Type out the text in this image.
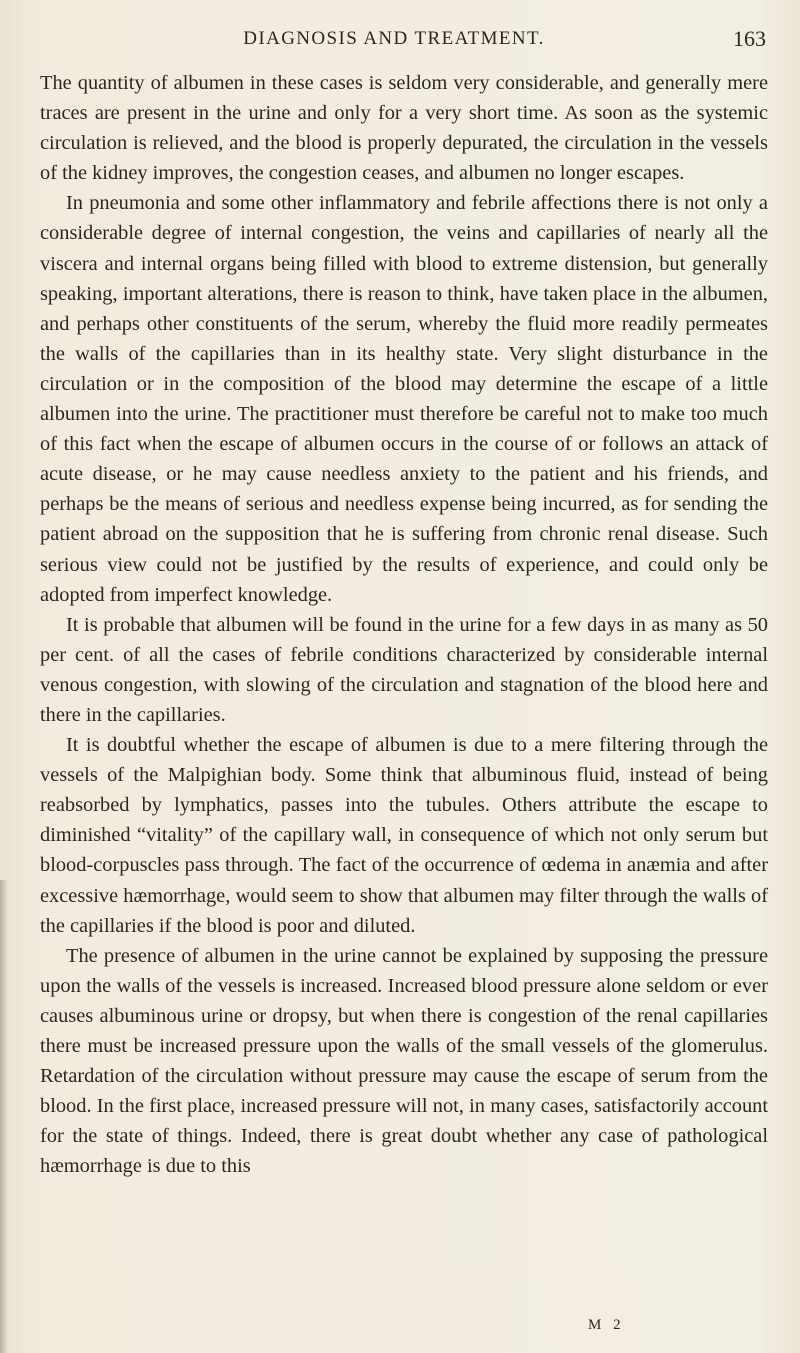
DIAGNOSIS AND TREATMENT.	163

The quantity of albumen in these cases is seldom very considerable, and generally mere traces are present in the urine and only for a very short time. As soon as the systemic circulation is relieved, and the blood is properly depurated, the circulation in the vessels of the kidney improves, the congestion ceases, and albumen no longer escapes.

In pneumonia and some other inflammatory and febrile affections there is not only a considerable degree of internal congestion, the veins and capillaries of nearly all the viscera and internal organs being filled with blood to extreme distension, but generally speaking, important alterations, there is reason to think, have taken place in the albumen, and perhaps other constituents of the serum, whereby the fluid more readily permeates the walls of the capillaries than in its healthy state. Very slight disturbance in the circulation or in the composition of the blood may determine the escape of a little albumen into the urine. The practitioner must therefore be careful not to make too much of this fact when the escape of albumen occurs in the course of or follows an attack of acute disease, or he may cause needless anxiety to the patient and his friends, and perhaps be the means of serious and needless expense being incurred, as for sending the patient abroad on the supposition that he is suffering from chronic renal disease. Such serious view could not be justified by the results of experience, and could only be adopted from imperfect knowledge.

It is probable that albumen will be found in the urine for a few days in as many as 50 per cent. of all the cases of febrile conditions characterized by considerable internal venous congestion, with slowing of the circulation and stagnation of the blood here and there in the capillaries.

It is doubtful whether the escape of albumen is due to a mere filtering through the vessels of the Malpighian body. Some think that albuminous fluid, instead of being reabsorbed by lymphatics, passes into the tubules. Others attribute the escape to diminished “vitality” of the capillary wall, in consequence of which not only serum but blood-corpuscles pass through. The fact of the occurrence of œdema in anæmia and after excessive hæmorrhage, would seem to show that albumen may filter through the walls of the capillaries if the blood is poor and diluted.

The presence of albumen in the urine cannot be explained by supposing the pressure upon the walls of the vessels is increased. Increased blood pressure alone seldom or ever causes albuminous urine or dropsy, but when there is congestion of the renal capillaries there must be increased pressure upon the walls of the small vessels of the glomerulus. Retardation of the circulation without pressure may cause the escape of serum from the blood. In the first place, increased pressure will not, in many cases, satisfactorily account for the state of things. Indeed, there is great doubt whether any case of pathological hæmorrhage is due to this

M 2
